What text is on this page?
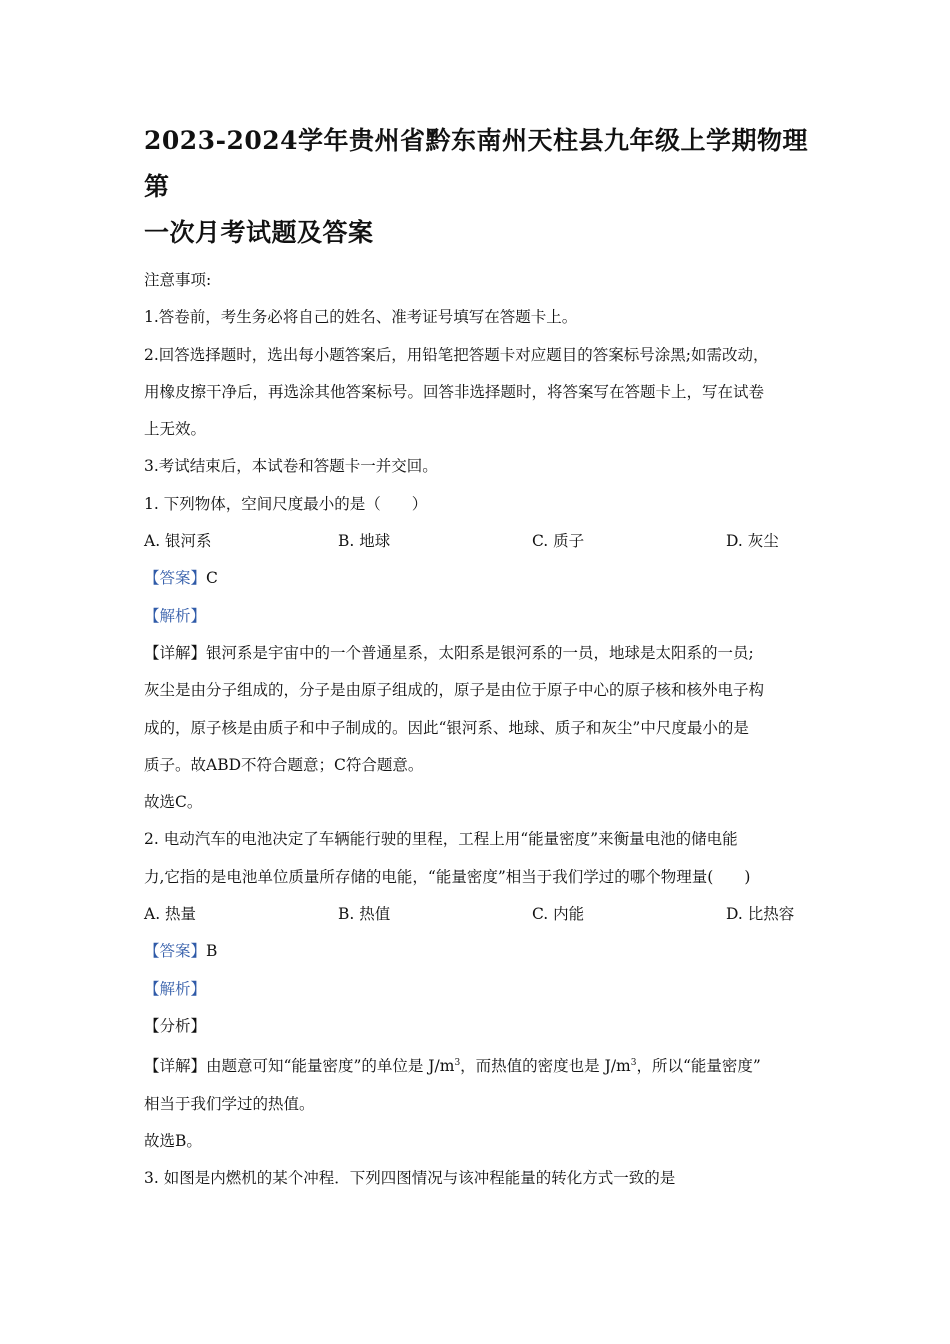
2023-2024学年贵州省黔东南州天柱县九年级上学期物理第

一次月考试题及答案

注意事项:

1.答卷前，考生务必将自己的姓名、准考证号填写在答题卡上。

2.回答选择题时，选出每小题答案后，用铅笔把答题卡对应题目的答案标号涂黑;如需改动，

用橡皮擦干净后，再选涂其他答案标号。回答非选择题时，将答案写在答题卡上，写在试卷

上无效。

3.考试结束后，本试卷和答题卡一并交回。

1. 下列物体，空间尺度最小的是（　　）

A. 银河系	B. 地球	C. 质子	D. 灰尘

【答案】C

【解析】

【详解】银河系是宇宙中的一个普通星系，太阳系是银河系的一员，地球是太阳系的一员;

灰尘是由分子组成的，分子是由原子组成的，原子是由位于原子中心的原子核和核外电子构

成的，原子核是由质子和中子制成的。因此“银河系、地球、质子和灰尘”中尺度最小的是

质子。故ABD不符合题意；C符合题意。

故选C。

2. 电动汽车的电池决定了车辆能行驶的里程，工程上用“能量密度”来衡量电池的储电能

力,它指的是电池单位质量所存储的电能，“能量密度”相当于我们学过的哪个物理量(　　)

A. 热量	B. 热值	C. 内能	D. 比热容

【答案】B

【解析】

【分析】

【详解】由题意可知“能量密度”的单位是 $J/m^3$，而热值的密度也是 $J/m^3$，所以“能量密度”

相当于我们学过的热值。

故选B。

3. 如图是内燃机的某个冲程．下列四图情况与该冲程能量的转化方式一致的是
